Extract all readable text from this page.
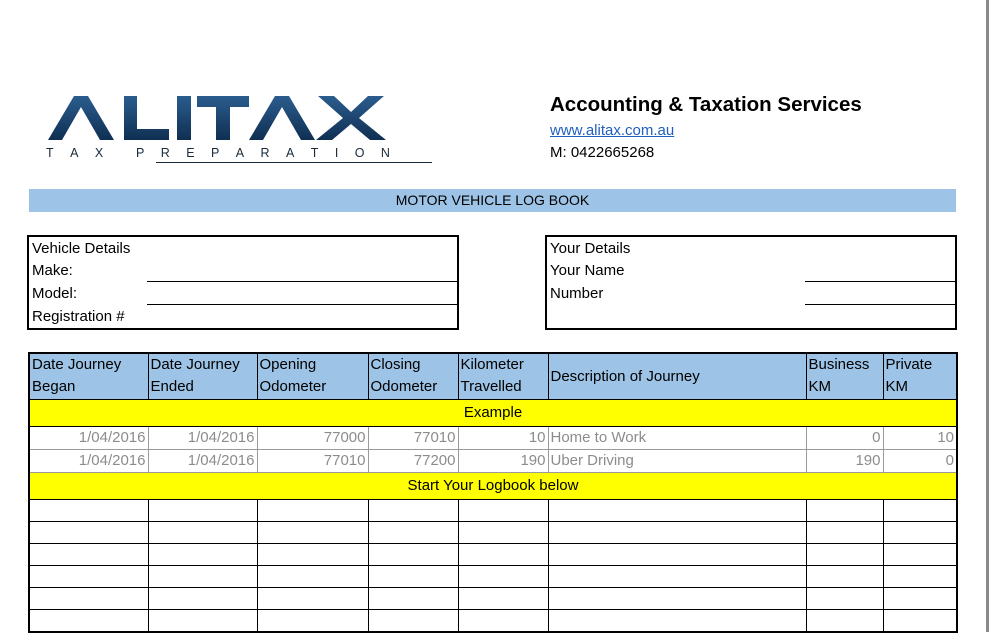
T A X	P R E P A R A T I O N
Accounting & Taxation Services
www.alitax.com.au
M: 0422665268
MOTOR VEHICLE LOG BOOK
Vehicle Details
Make:
Model:
Registration #
Your Details
Your Name
Number
Date Journey Began	Date Journey Ended	Opening Odometer	Closing Odometer	Kilometer Travelled	Description of Journey	Business KM	Private KM
Example							
1/04/2016	1/04/2016	77000	77010	10	Home to Work	0	10
1/04/2016	1/04/2016	77010	77200	190	Uber Driving	190	0
Start Your Logbook below							
